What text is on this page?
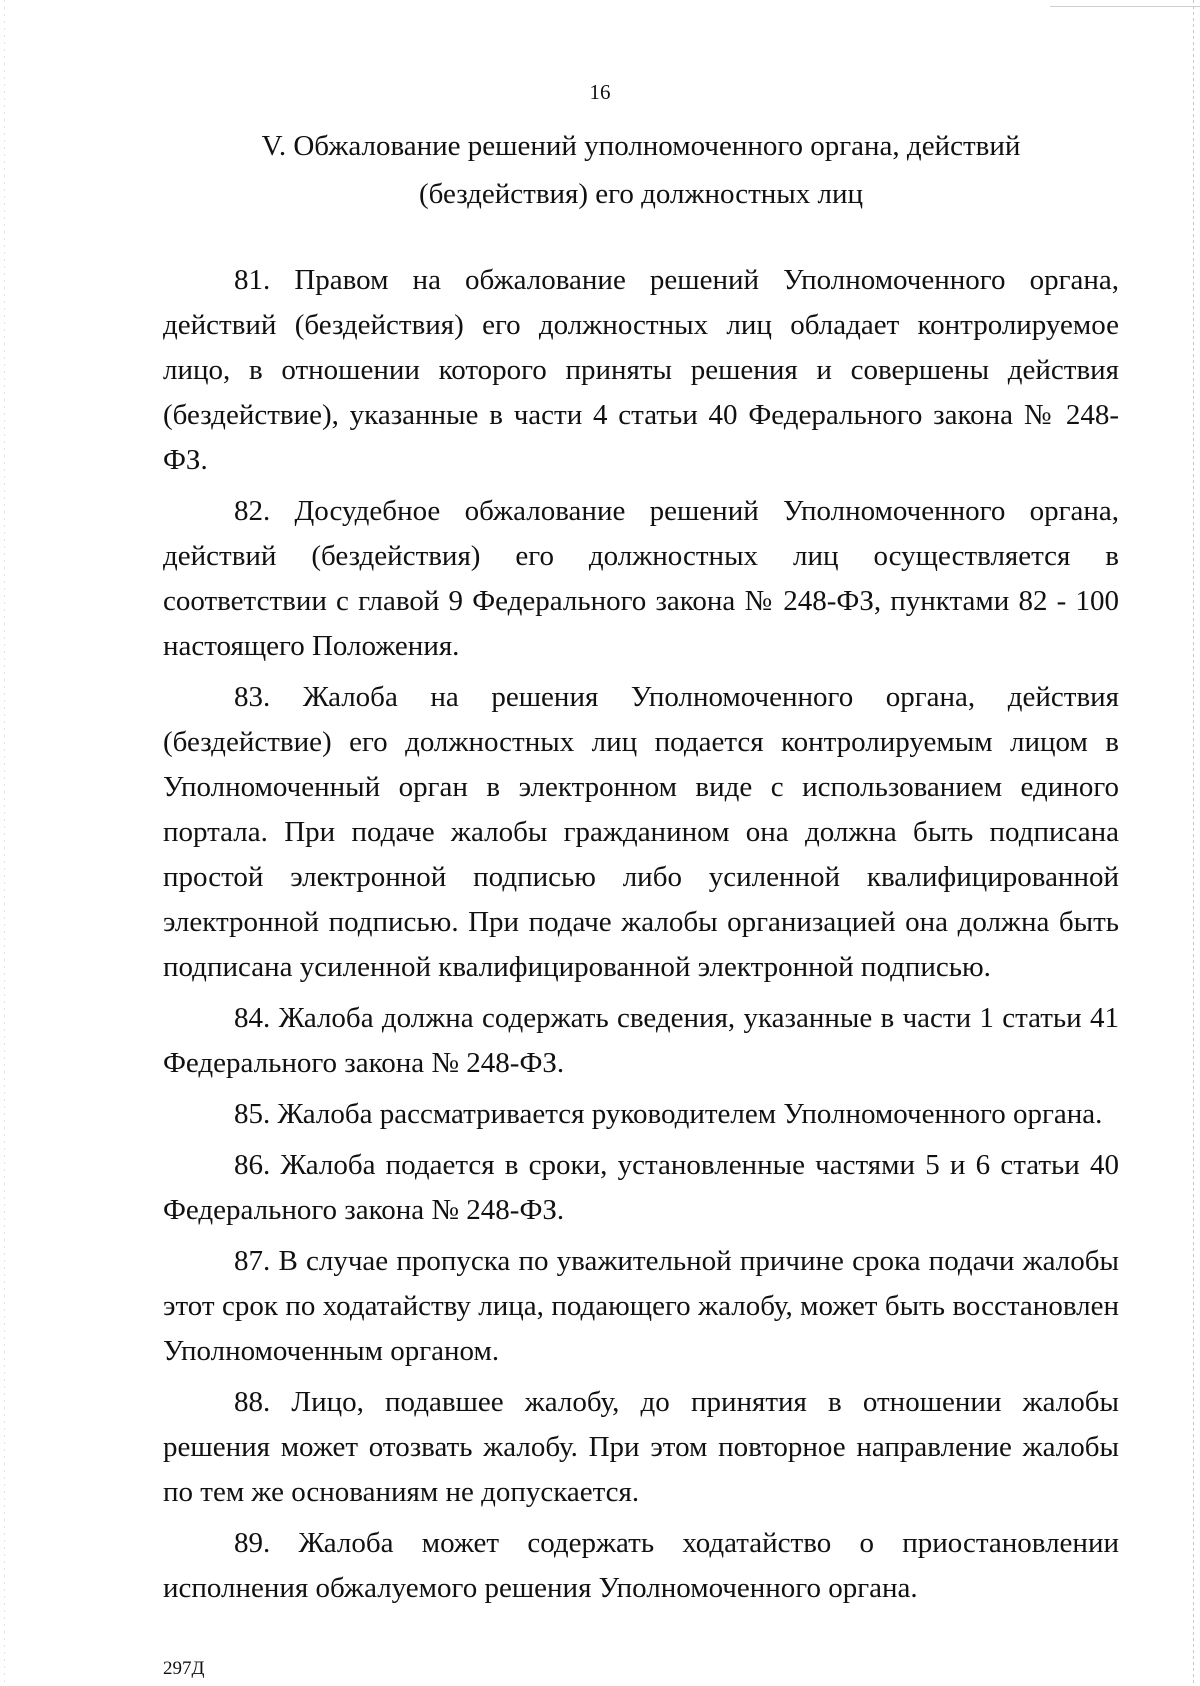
16
V. Обжалование решений уполномоченного органа, действий
(бездействия) его должностных лиц

81. Правом на обжалование решений Уполномоченного органа, действий (бездействия) его должностных лиц обладает контролируемое лицо, в отношении которого приняты решения и совершены действия (бездействие), указанные в части 4 статьи 40 Федерального закона № 248-ФЗ.

82. Досудебное обжалование решений Уполномоченного органа, действий (бездействия) его должностных лиц осуществляется в соответствии с главой 9 Федерального закона № 248-ФЗ, пунктами 82 - 100 настоящего Положения.

83. Жалоба на решения Уполномоченного органа, действия (бездействие) его должностных лиц подается контролируемым лицом в Уполномоченный орган в электронном виде с использованием единого портала. При подаче жалобы гражданином она должна быть подписана простой электронной подписью либо усиленной квалифицированной электронной подписью. При подаче жалобы организацией она должна быть подписана усиленной квалифицированной электронной подписью.

84. Жалоба должна содержать сведения, указанные в части 1 статьи 41 Федерального закона № 248-ФЗ.

85. Жалоба рассматривается руководителем Уполномоченного органа.

86. Жалоба подается в сроки, установленные частями 5 и 6 статьи 40 Федерального закона № 248-ФЗ.

87. В случае пропуска по уважительной причине срока подачи жалобы этот срок по ходатайству лица, подающего жалобу, может быть восстановлен Уполномоченным органом.

88. Лицо, подавшее жалобу, до принятия в отношении жалобы решения может отозвать жалобу. При этом повторное направление жалобы по тем же основаниям не допускается.

89. Жалоба может содержать ходатайство о приостановлении исполнения обжалуемого решения Уполномоченного органа.

297Д
